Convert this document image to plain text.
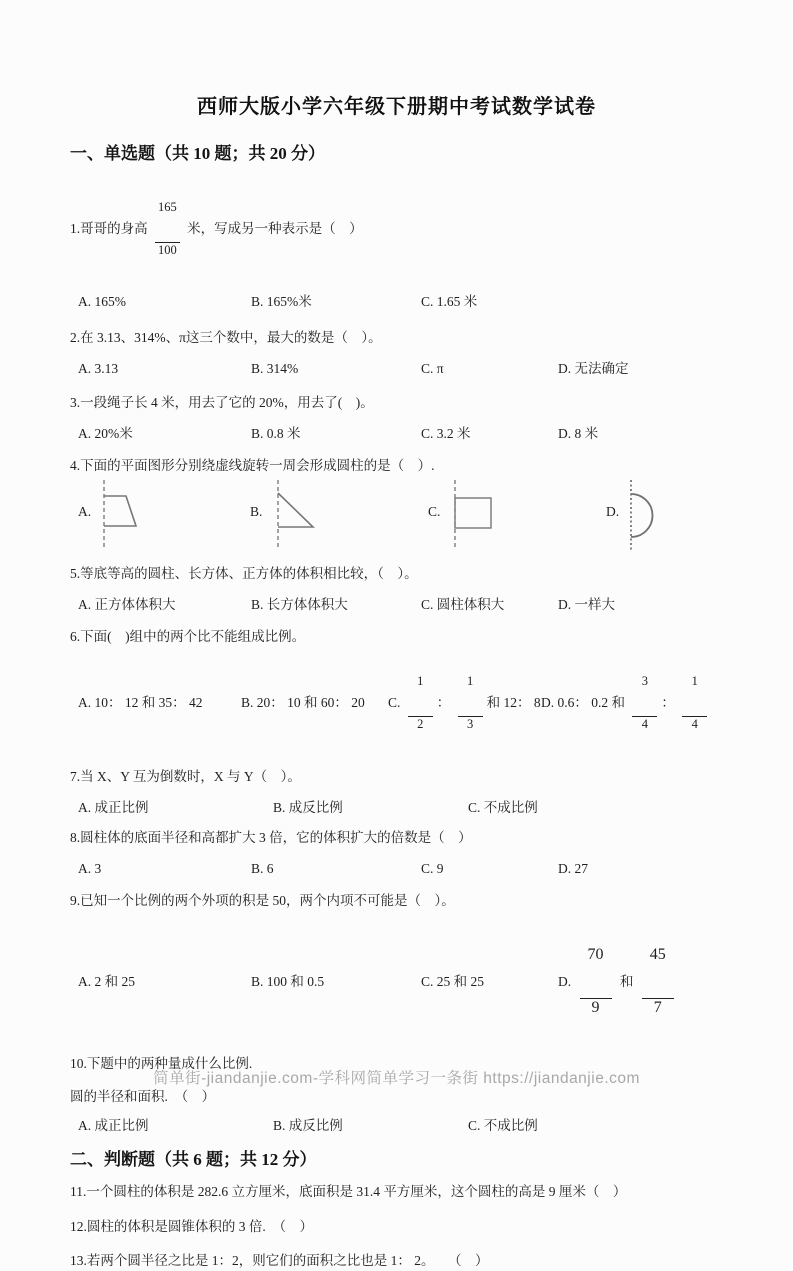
西师大版小学六年级下册期中考试数学试卷
一、单选题（共 10 题；共 20 分）
1.哥哥的身高

$\frac{165}{100}$

米，写成另一种表示是（　）
A. 165%	B. 165%米	C. 1.65 米
2.在 3.13、314%、π这三个数中，最大的数是（　）。
A. 3.13	B. 314%	C. π	D. 无法确定
3.一段绳子长 4 米，用去了它的 20%，用去了(　)。
A. 20%米	B. 0.8 米	C. 3.2 米	D. 8 米
4.下面的平面图形分别绕虚线旋转一周会形成圆柱的是（　）.
A.	B.	C.	D.
5.等底等高的圆柱、长方体、正方体的体积相比较，（　）。
A. 正方体体积大	B. 长方体体积大	C. 圆柱体积大	D. 一样大
6.下面(　)组中的两个比不能组成比例。
A. 10： 12 和 35： 42	B. 20： 10 和 60： 20	C.

$\frac{1}{2}$

：

$\frac{1}{3}$

和 12： 8 D. 0.6： 0.2 和

$\frac{3}{4}$

：

$\frac{1}{4}$

7.当 X、Y 互为倒数时，X 与 Y（　）。
A. 成正比例	B. 成反比例	C. 不成比例
8.圆柱体的底面半径和高都扩大 3 倍，它的体积扩大的倍数是（　）
A. 3	B. 6	C. 9	D. 27
9.已知一个比例的两个外项的积是 50，两个内项不可能是（　）。
A. 2 和 25	B. 100 和 0.5	C. 25 和 25	D.

$\frac{70}{9}$

和

$\frac{45}{7}$

10.下题中的两种量成什么比例.
圆的半径和面积.　（　）
A. 成正比例	B. 成反比例	C. 不成比例
二、判断题（共 6 题；共 12 分）
11.一个圆柱的体积是 282.6 立方厘米，底面积是 31.4 平方厘米，这个圆柱的高是 9 厘米（　）
12.圆柱的体积是圆锥体积的 3 倍.　（　）
13.若两个圆半径之比是 1：2，则它们的面积之比也是 1： 2。　　（　）
简单街-jiandanjie.com-学科网简单学习一条街 https://jiandanjie.com
